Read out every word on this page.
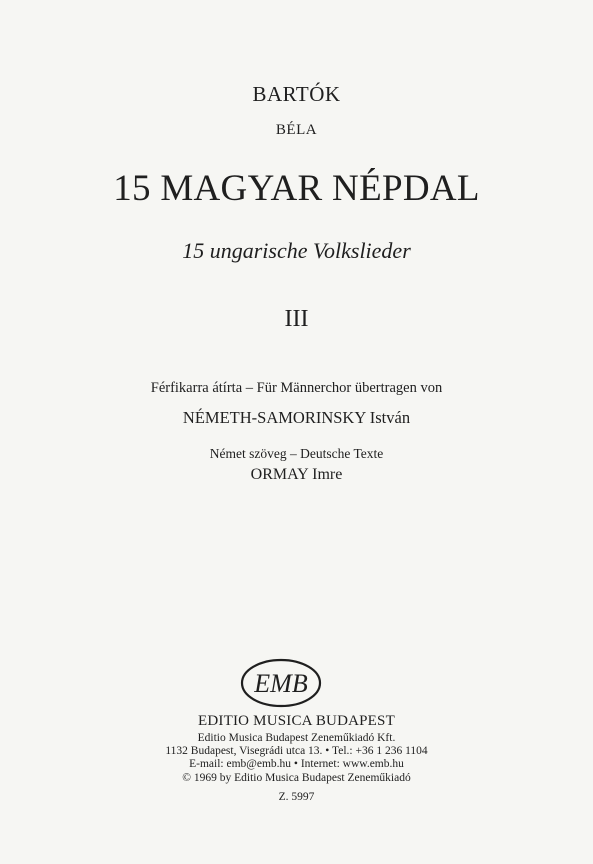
BARTÓK
BÉLA
15 MAGYAR NÉPDAL
15 ungarische Volkslieder
III
Férfikarra átírta – Für Männerchor übertragen von
NÉMETH-SAMORINSKY István
Német szöveg – Deutsche Texte
ORMAY Imre
EMB
EDITIO MUSICA BUDAPEST
Editio Musica Budapest Zeneműkiadó Kft.
1132 Budapest, Visegrádi utca 13. • Tel.: +36 1 236 1104
E-mail: emb@emb.hu • Internet: www.emb.hu
© 1969 by Editio Musica Budapest Zeneműkiadó
Z. 5997
